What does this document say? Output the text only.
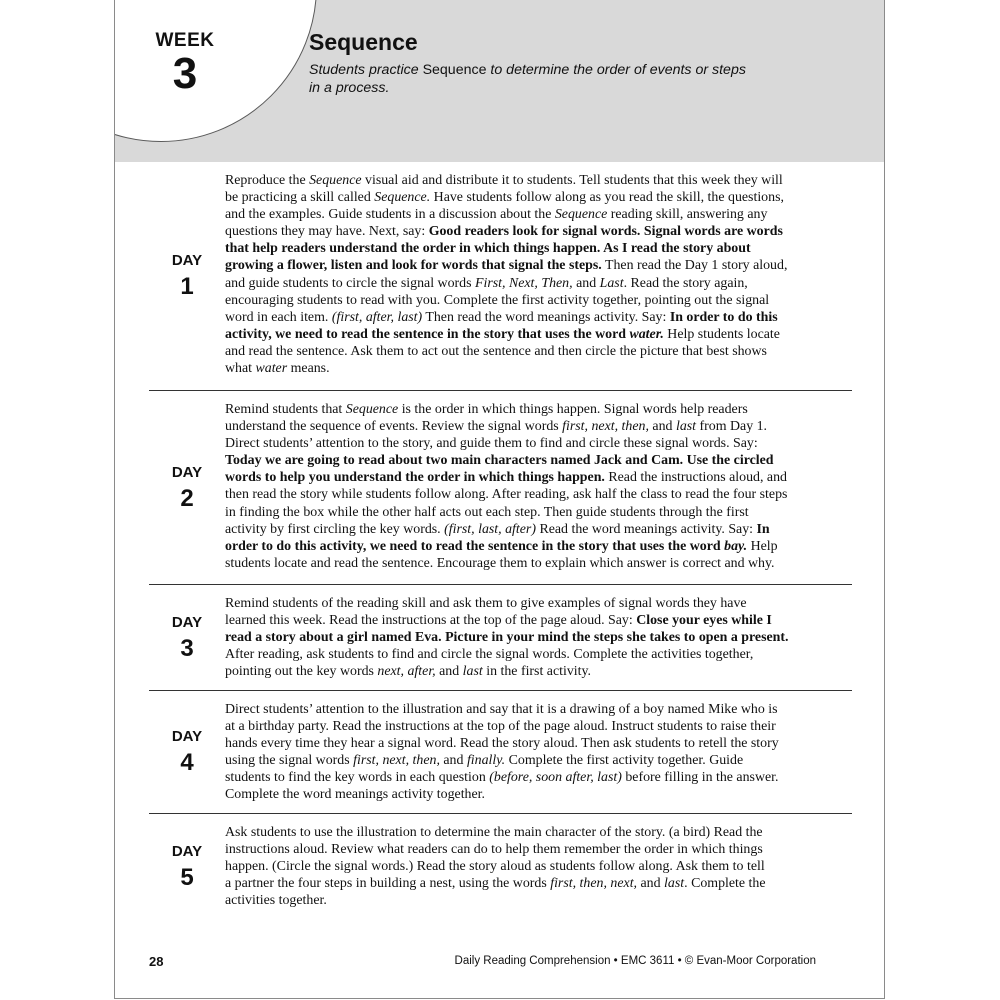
WEEK
3
Sequence
Students practice Sequence to determine the order of events or steps
in a process.
DAY
1
Reproduce the Sequence visual aid and distribute it to students. Tell students that this week they will
be practicing a skill called Sequence. Have students follow along as you read the skill, the questions,
and the examples. Guide students in a discussion about the Sequence reading skill, answering any
questions they may have. Next, say: Good readers look for signal words. Signal words are words
that help readers understand the order in which things happen. As I read the story about
growing a flower, listen and look for words that signal the steps. Then read the Day 1 story aloud,
and guide students to circle the signal words First, Next, Then, and Last. Read the story again,
encouraging students to read with you. Complete the first activity together, pointing out the signal
word in each item. (first, after, last) Then read the word meanings activity. Say: In order to do this
activity, we need to read the sentence in the story that uses the word water. Help students locate
and read the sentence. Ask them to act out the sentence and then circle the picture that best shows
what water means.
DAY
2
Remind students that Sequence is the order in which things happen. Signal words help readers
understand the sequence of events. Review the signal words first, next, then, and last from Day 1.
Direct students’ attention to the story, and guide them to find and circle these signal words. Say:
Today we are going to read about two main characters named Jack and Cam. Use the circled
words to help you understand the order in which things happen. Read the instructions aloud, and
then read the story while students follow along. After reading, ask half the class to read the four steps
in finding the box while the other half acts out each step. Then guide students through the first
activity by first circling the key words. (first, last, after) Read the word meanings activity. Say: In
order to do this activity, we need to read the sentence in the story that uses the word bay. Help
students locate and read the sentence. Encourage them to explain which answer is correct and why.
DAY
3
Remind students of the reading skill and ask them to give examples of signal words they have
learned this week. Read the instructions at the top of the page aloud. Say: Close your eyes while I
read a story about a girl named Eva. Picture in your mind the steps she takes to open a present.
After reading, ask students to find and circle the signal words. Complete the activities together,
pointing out the key words next, after, and last in the first activity.
DAY
4
Direct students’ attention to the illustration and say that it is a drawing of a boy named Mike who is
at a birthday party. Read the instructions at the top of the page aloud. Instruct students to raise their
hands every time they hear a signal word. Read the story aloud. Then ask students to retell the story
using the signal words first, next, then, and finally. Complete the first activity together. Guide
students to find the key words in each question (before, soon after, last) before filling in the answer.
Complete the word meanings activity together.
DAY
5
Ask students to use the illustration to determine the main character of the story. (a bird) Read the
instructions aloud. Review what readers can do to help them remember the order in which things
happen. (Circle the signal words.) Read the story aloud as students follow along. Ask them to tell
a partner the four steps in building a nest, using the words first, then, next, and last. Complete the
activities together.
28	Daily Reading Comprehension • EMC 3611 • © Evan-Moor Corporation
